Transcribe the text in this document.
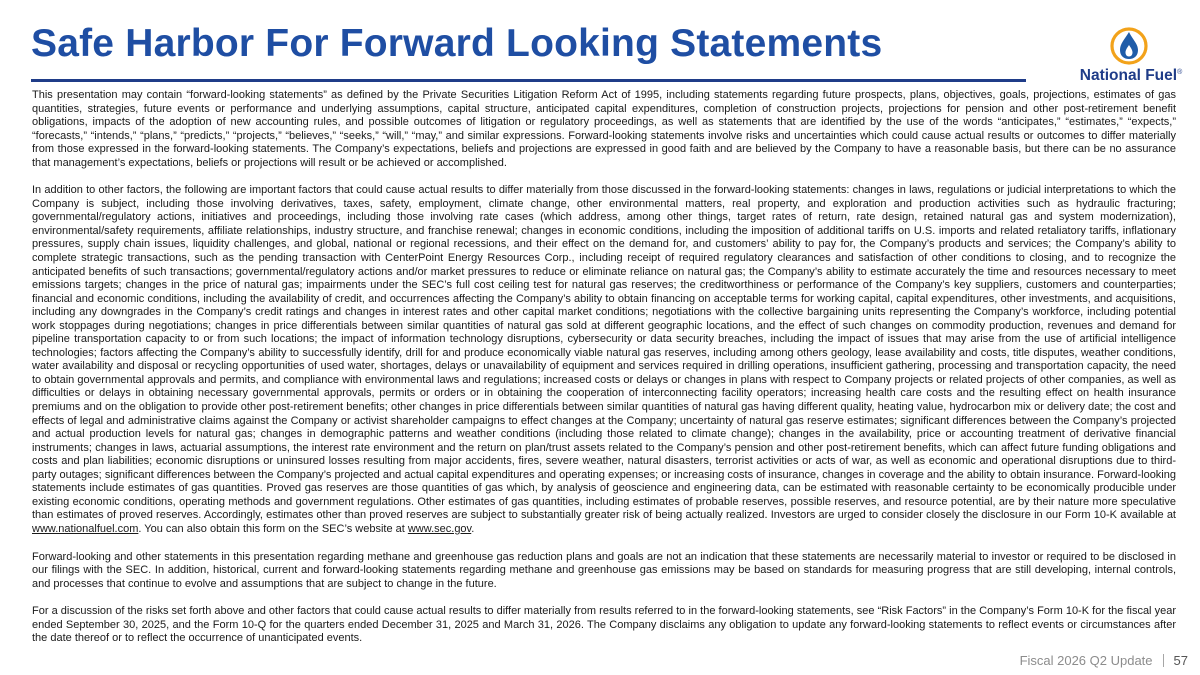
Safe Harbor For Forward Looking Statements
National Fuel®

This presentation may contain “forward-looking statements” as defined by the Private Securities Litigation Reform Act of 1995, including statements regarding future prospects, plans, objectives, goals, projections, estimates of gas quantities, strategies, future events or performance and underlying assumptions, capital structure, anticipated capital expenditures, completion of construction projects, projections for pension and other post-retirement benefit obligations, impacts of the adoption of new accounting rules, and possible outcomes of litigation or regulatory proceedings, as well as statements that are identified by the use of the words “anticipates,” “estimates,” “expects,” “forecasts,” “intends,” “plans,” “predicts,” “projects,” “believes,” “seeks,” “will,” “may,” and similar expressions. Forward-looking statements involve risks and uncertainties which could cause actual results or outcomes to differ materially from those expressed in the forward-looking statements. The Company’s expectations, beliefs and projections are expressed in good faith and are believed by the Company to have a reasonable basis, but there can be no assurance that management’s expectations, beliefs or projections will result or be achieved or accomplished.

In addition to other factors, the following are important factors that could cause actual results to differ materially from those discussed in the forward-looking statements: changes in laws, regulations or judicial interpretations to which the Company is subject, including those involving derivatives, taxes, safety, employment, climate change, other environmental matters, real property, and exploration and production activities such as hydraulic fracturing; governmental/regulatory actions, initiatives and proceedings, including those involving rate cases (which address, among other things, target rates of return, rate design, retained natural gas and system modernization), environmental/safety requirements, affiliate relationships, industry structure, and franchise renewal; changes in economic conditions, including the imposition of additional tariffs on U.S. imports and related retaliatory tariffs, inflationary pressures, supply chain issues, liquidity challenges, and global, national or regional recessions, and their effect on the demand for, and customers’ ability to pay for, the Company’s products and services; the Company’s ability to complete strategic transactions, such as the pending transaction with CenterPoint Energy Resources Corp., including receipt of required regulatory clearances and satisfaction of other conditions to closing, and to recognize the anticipated benefits of such transactions; governmental/regulatory actions and/or market pressures to reduce or eliminate reliance on natural gas; the Company’s ability to estimate accurately the time and resources necessary to meet emissions targets; changes in the price of natural gas; impairments under the SEC’s full cost ceiling test for natural gas reserves; the creditworthiness or performance of the Company’s key suppliers, customers and counterparties; financial and economic conditions, including the availability of credit, and occurrences affecting the Company’s ability to obtain financing on acceptable terms for working capital, capital expenditures, other investments, and acquisitions, including any downgrades in the Company’s credit ratings and changes in interest rates and other capital market conditions; negotiations with the collective bargaining units representing the Company’s workforce, including potential work stoppages during negotiations; changes in price differentials between similar quantities of natural gas sold at different geographic locations, and the effect of such changes on commodity production, revenues and demand for pipeline transportation capacity to or from such locations; the impact of information technology disruptions, cybersecurity or data security breaches, including the impact of issues that may arise from the use of artificial intelligence technologies; factors affecting the Company’s ability to successfully identify, drill for and produce economically viable natural gas reserves, including among others geology, lease availability and costs, title disputes, weather conditions, water availability and disposal or recycling opportunities of used water, shortages, delays or unavailability of equipment and services required in drilling operations, insufficient gathering, processing and transportation capacity, the need to obtain governmental approvals and permits, and compliance with environmental laws and regulations; increased costs or delays or changes in plans with respect to Company projects or related projects of other companies, as well as difficulties or delays in obtaining necessary governmental approvals, permits or orders or in obtaining the cooperation of interconnecting facility operators; increasing health care costs and the resulting effect on health insurance premiums and on the obligation to provide other post-retirement benefits; other changes in price differentials between similar quantities of natural gas having different quality, heating value, hydrocarbon mix or delivery date; the cost and effects of legal and administrative claims against the Company or activist shareholder campaigns to effect changes at the Company; uncertainty of natural gas reserve estimates; significant differences between the Company’s projected and actual production levels for natural gas; changes in demographic patterns and weather conditions (including those related to climate change); changes in the availability, price or accounting treatment of derivative financial instruments; changes in laws, actuarial assumptions, the interest rate environment and the return on plan/trust assets related to the Company’s pension and other post-retirement benefits, which can affect future funding obligations and costs and plan liabilities; economic disruptions or uninsured losses resulting from major accidents, fires, severe weather, natural disasters, terrorist activities or acts of war, as well as economic and operational disruptions due to third-party outages; significant differences between the Company’s projected and actual capital expenditures and operating expenses; or increasing costs of insurance, changes in coverage and the ability to obtain insurance. Forward-looking statements include estimates of gas quantities. Proved gas reserves are those quantities of gas which, by analysis of geoscience and engineering data, can be estimated with reasonable certainty to be economically producible under existing economic conditions, operating methods and government regulations. Other estimates of gas quantities, including estimates of probable reserves, possible reserves, and resource potential, are by their nature more speculative than estimates of proved reserves. Accordingly, estimates other than proved reserves are subject to substantially greater risk of being actually realized. Investors are urged to consider closely the disclosure in our Form 10-K available at www.nationalfuel.com. You can also obtain this form on the SEC’s website at www.sec.gov.

Forward-looking and other statements in this presentation regarding methane and greenhouse gas reduction plans and goals are not an indication that these statements are necessarily material to investor or required to be disclosed in our filings with the SEC. In addition, historical, current and forward-looking statements regarding methane and greenhouse gas emissions may be based on standards for measuring progress that are still developing, internal controls, and processes that continue to evolve and assumptions that are subject to change in the future.

For a discussion of the risks set forth above and other factors that could cause actual results to differ materially from results referred to in the forward-looking statements, see “Risk Factors” in the Company’s Form 10-K for the fiscal year ended September 30, 2025, and the Form 10-Q for the quarters ended December 31, 2025 and March 31, 2026. The Company disclaims any obligation to update any forward-looking statements to reflect events or circumstances after the date thereof or to reflect the occurrence of unanticipated events.

Fiscal 2026 Q2 Update 57
